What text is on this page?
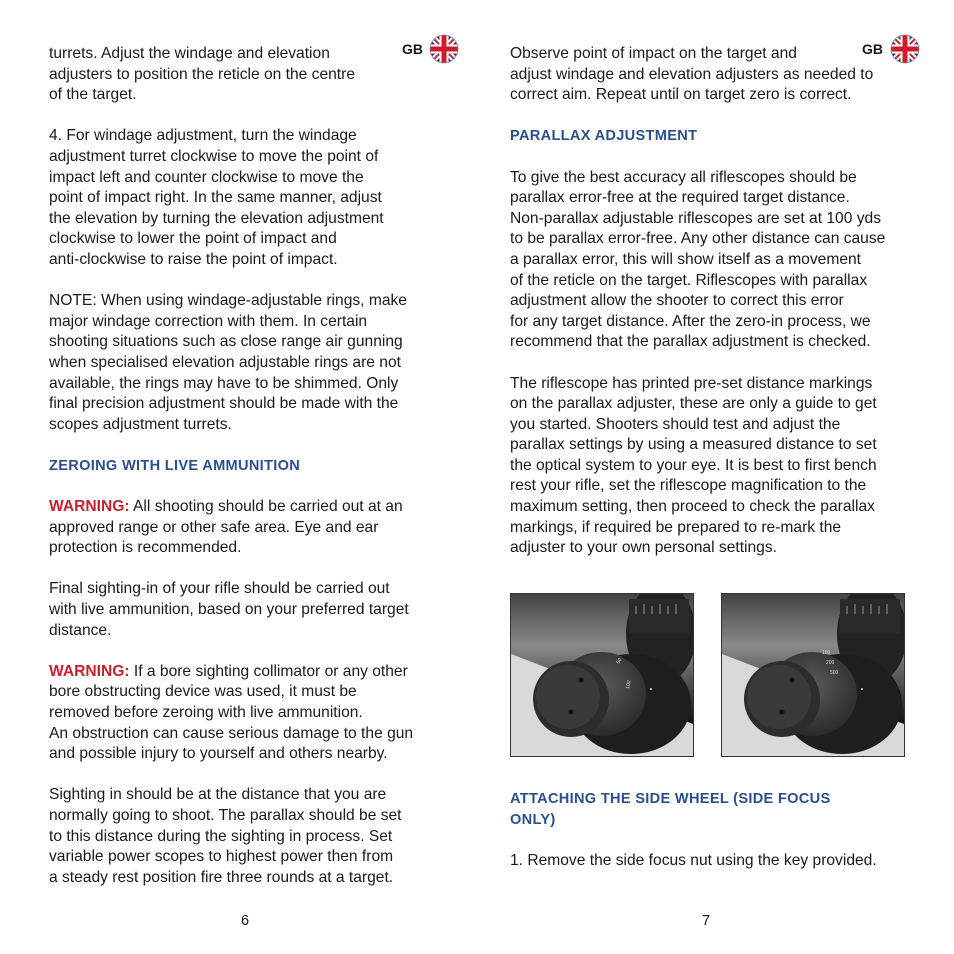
GB
turrets. Adjust the windage and elevation
adjusters to position the reticle on the centre
of the target.
4. For windage adjustment, turn the windage
adjustment turret clockwise to move the point of
impact left and counter clockwise to move the
point of impact right. In the same manner, adjust
the elevation by turning the elevation adjustment
clockwise to lower the point of impact and
anti-clockwise to raise the point of impact.
NOTE: When using windage-adjustable rings, make
major windage correction with them. In certain
shooting situations such as close range air gunning
when specialised elevation adjustable rings are not
available, the rings may have to be shimmed. Only
final precision adjustment should be made with the
scopes adjustment turrets.
ZEROING WITH LIVE AMMUNITION
WARNING: All shooting should be carried out at an
approved range or other safe area. Eye and ear
protection is recommended.
Final sighting-in of your rifle should be carried out
with live ammunition, based on your preferred target
distance.
WARNING: If a bore sighting collimator or any other
bore obstructing device was used, it must be
removed before zeroing with live ammunition.
An obstruction can cause serious damage to the gun
and possible injury to yourself and others nearby.
Sighting in should be at the distance that you are
normally going to shoot. The parallax should be set
to this distance during the sighting in process. Set
variable power scopes to highest power then from
a steady rest position fire three rounds at a target.
6
GB
Observe point of impact on the target and
adjust windage and elevation adjusters as needed to
correct aim. Repeat until on target zero is correct.
PARALLAX ADJUSTMENT
To give the best accuracy all riflescopes should be
parallax error-free at the required target distance.
Non-parallax adjustable riflescopes are set at 100 yds
to be parallax error-free. Any other distance can cause
a parallax error, this will show itself as a movement
of the reticle on the target. Riflescopes with parallax
adjustment allow the shooter to correct this error
for any target distance. After the zero-in process, we
recommend that the parallax adjustment is checked.
The riflescope has printed pre-set distance markings
on the parallax adjuster, these are only a guide to get
you started. Shooters should test and adjust the
parallax settings by using a measured distance to set
the optical system to your eye. It is best to first bench
rest your rifle, set the riflescope magnification to the
maximum setting, then proceed to check the parallax
markings, if required be prepared to re-mark the
adjuster to your own personal settings.
50
100
100
200
500
ATTACHING THE SIDE WHEEL (SIDE FOCUS
ONLY)
1. Remove the side focus nut using the key provided.
7
